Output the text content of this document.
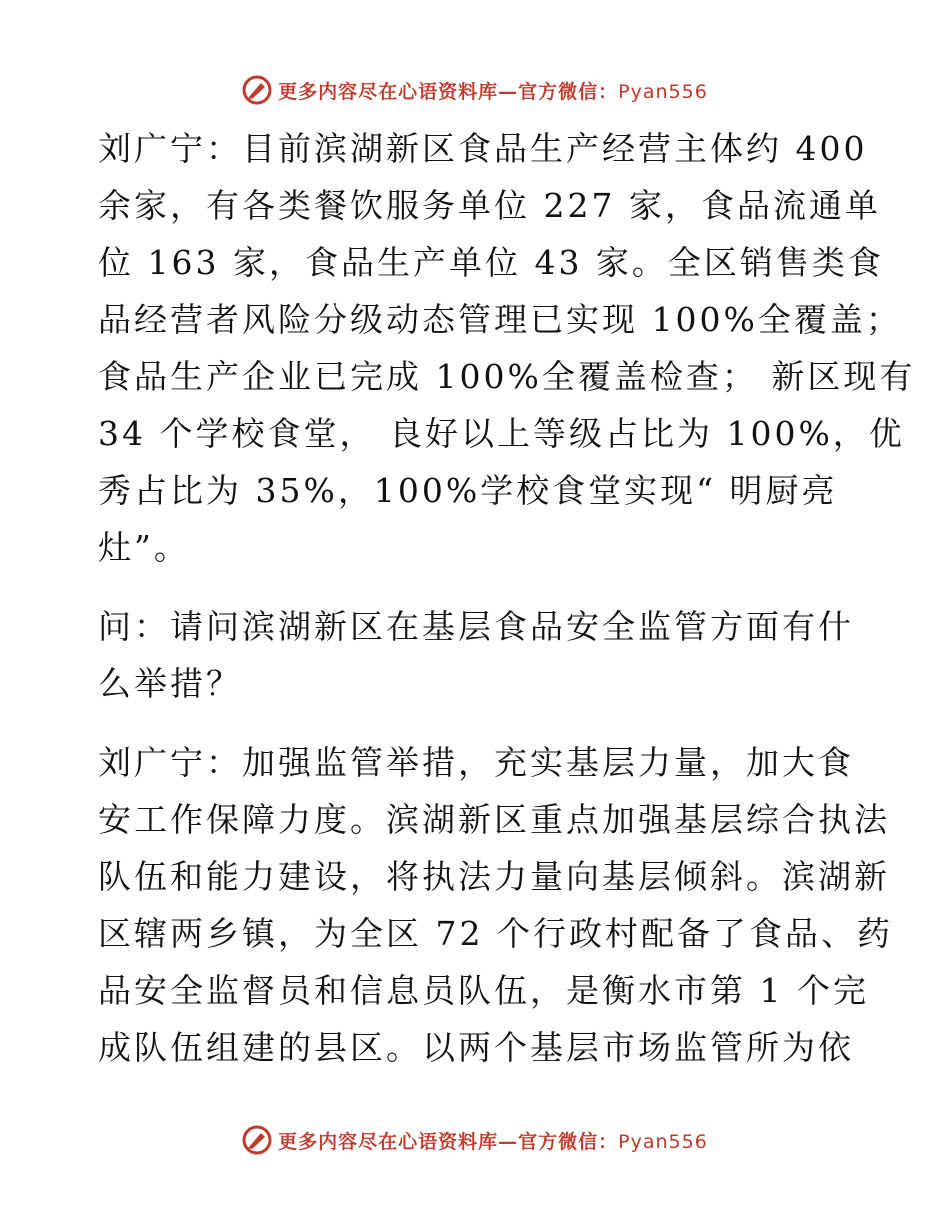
更多内容尽在心语资料库—官方微信：Pyan556

刘广宁：目前滨湖新区食品生产经营主体约 400
余家，有各类餐饮服务单位 227 家，食品流通单
位 163 家，食品生产单位 43 家。全区销售类食
品经营者风险分级动态管理已实现 100%全覆盖；
食品生产企业已完成 100%全覆盖检查； 新区现有
34 个学校食堂， 良好以上等级占比为 100%，优
秀占比为 35%，100%学校食堂实现“ 明厨亮
灶”。

问：请问滨湖新区在基层食品安全监管方面有什
么举措？

刘广宁：加强监管举措，充实基层力量，加大食
安工作保障力度。滨湖新区重点加强基层综合执法
队伍和能力建设，将执法力量向基层倾斜。滨湖新
区辖两乡镇，为全区 72 个行政村配备了食品、药
品安全监督员和信息员队伍，是衡水市第 1 个完
成队伍组建的县区。以两个基层市场监管所为依

更多内容尽在心语资料库—官方微信：Pyan556
